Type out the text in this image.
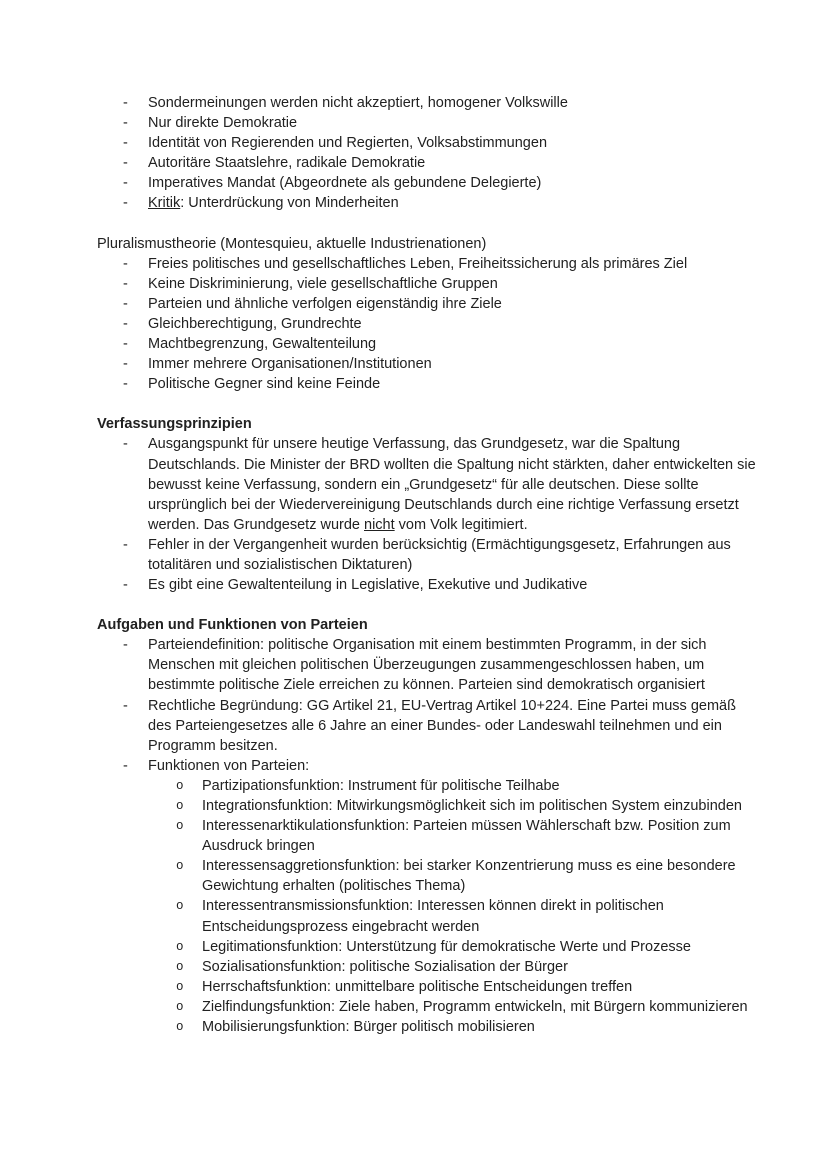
-	Sondermeinungen werden nicht akzeptiert, homogener Volkswille
-	Nur direkte Demokratie
-	Identität von Regierenden und Regierten, Volksabstimmungen
-	Autoritäre Staatslehre, radikale Demokratie
-	Imperatives Mandat (Abgeordnete als gebundene Delegierte)
-	Kritik: Unterdrückung von Minderheiten

Pluralismustheorie (Montesquieu, aktuelle Industrienationen)

-	Freies politisches und gesellschaftliches Leben, Freiheitssicherung als primäres Ziel
-	Keine Diskriminierung, viele gesellschaftliche Gruppen
-	Parteien und ähnliche verfolgen eigenständig ihre Ziele
-	Gleichberechtigung, Grundrechte
-	Machtbegrenzung, Gewaltenteilung
-	Immer mehrere Organisationen/Institutionen
-	Politische Gegner sind keine Feinde

Verfassungsprinzipien

-	Ausgangspunkt für unsere heutige Verfassung, das Grundgesetz, war die Spaltung Deutschlands. Die Minister der BRD wollten die Spaltung nicht stärkten, daher entwickelten sie bewusst keine Verfassung, sondern ein „Grundgesetz“ für alle deutschen. Diese sollte ursprünglich bei der Wiedervereinigung Deutschlands durch eine richtige Verfassung ersetzt werden. Das Grundgesetz wurde nicht vom Volk legitimiert.
-	Fehler in der Vergangenheit wurden berücksichtig (Ermächtigungsgesetz, Erfahrungen aus totalitären und sozialistischen Diktaturen)
-	Es gibt eine Gewaltenteilung in Legislative, Exekutive und Judikative

Aufgaben und Funktionen von Parteien

-	Parteiendefinition: politische Organisation mit einem bestimmten Programm, in der sich Menschen mit gleichen politischen Überzeugungen zusammengeschlossen haben, um bestimmte politische Ziele erreichen zu können. Parteien sind demokratisch organisiert
-	Rechtliche Begründung: GG Artikel 21, EU-Vertrag Artikel 10+224. Eine Partei muss gemäß des Parteiengesetzes alle 6 Jahre an einer Bundes- oder Landeswahl teilnehmen und ein Programm besitzen.
-	Funktionen von Parteien:
o	Partizipationsfunktion: Instrument für politische Teilhabe
o	Integrationsfunktion: Mitwirkungsmöglichkeit sich im politischen System einzubinden
o	Interessenarktikulationsfunktion: Parteien müssen Wählerschaft bzw. Position zum Ausdruck bringen
o	Interessensaggretionsfunktion: bei starker Konzentrierung muss es eine besondere Gewichtung erhalten (politisches Thema)
o	Interessentransmissionsfunktion: Interessen können direkt in politischen Entscheidungsprozess eingebracht werden
o	Legitimationsfunktion: Unterstützung für demokratische Werte und Prozesse
o	Sozialisationsfunktion: politische Sozialisation der Bürger
o	Herrschaftsfunktion: unmittelbare politische Entscheidungen treffen
o	Zielfindungsfunktion: Ziele haben, Programm entwickeln, mit Bürgern kommunizieren
o	Mobilisierungsfunktion: Bürger politisch mobilisieren
